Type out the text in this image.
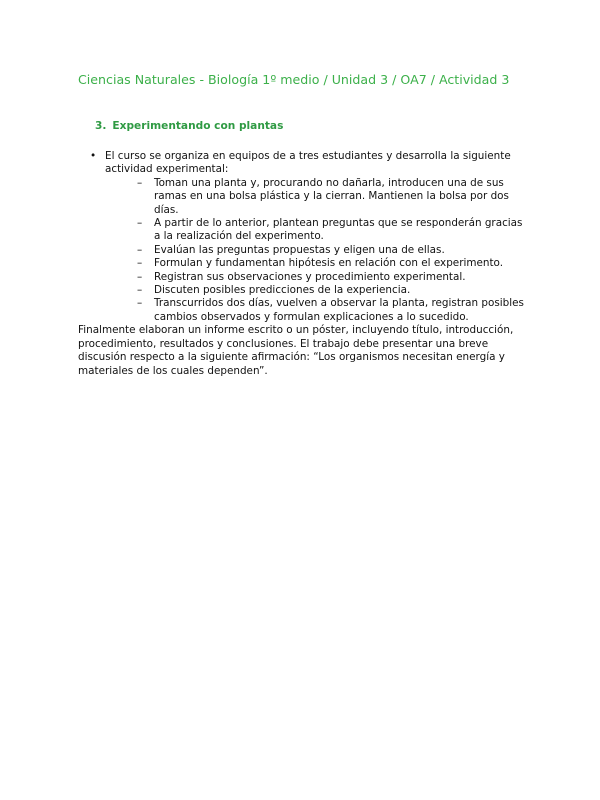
Ciencias Naturales - Biología 1º medio / Unidad 3 / OA7 / Actividad 3
3. Experimentando con plantas
• El curso se organiza en equipos de a tres estudiantes y desarrolla la siguiente actividad experimental:
– Toman una planta y, procurando no dañarla, introducen una de sus ramas en una bolsa plástica y la cierran. Mantienen la bolsa por dos días.
– A partir de lo anterior, plantean preguntas que se responderán gracias a la realización del experimento.
– Evalúan las preguntas propuestas y eligen una de ellas.
– Formulan y fundamentan hipótesis en relación con el experimento.
– Registran sus observaciones y procedimiento experimental.
– Discuten posibles predicciones de la experiencia.
– Transcurridos dos días, vuelven a observar la planta, registran posibles cambios observados y formulan explicaciones a lo sucedido.

Finalmente elaboran un informe escrito o un póster, incluyendo título, introducción, procedimiento, resultados y conclusiones. El trabajo debe presentar una breve discusión respecto a la siguiente afirmación: “Los organismos necesitan energía y materiales de los cuales dependen”.
